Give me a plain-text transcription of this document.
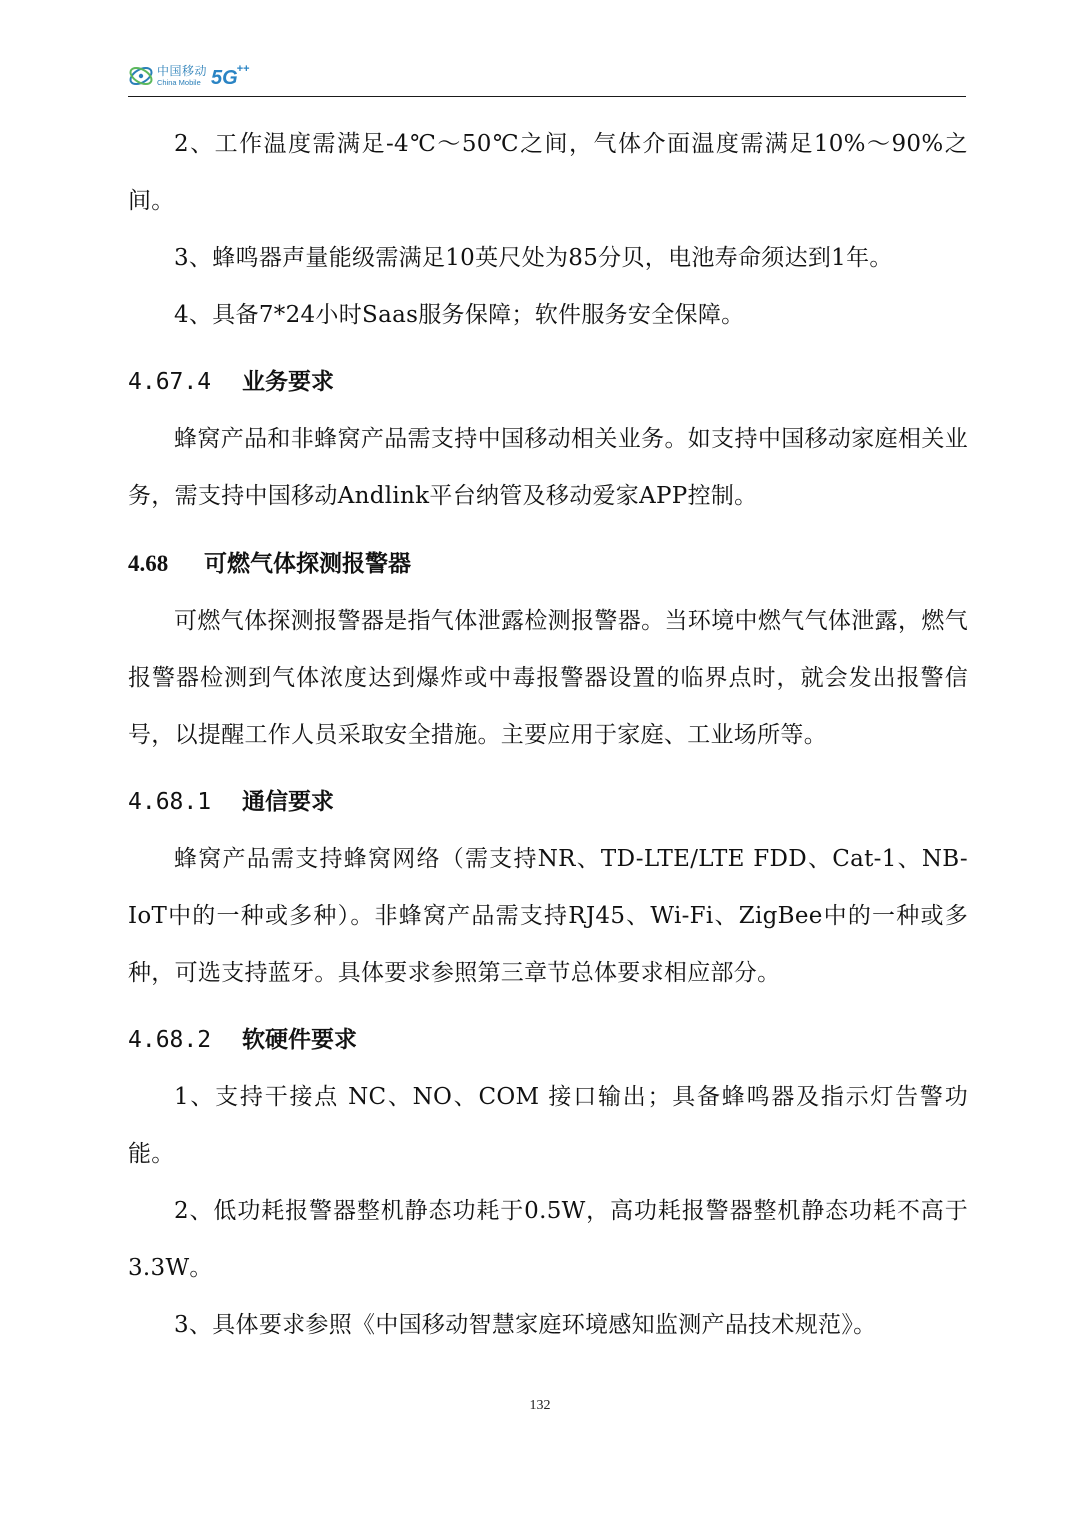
中国移动
China Mobile 5G ++

2、工作温度需满足-4℃～50℃之间，气体介面温度需满足10%～90%之间。

3、蜂鸣器声量能级需满足10英尺处为85分贝，电池寿命须达到1年。

4、具备7*24小时Saas服务保障；软件服务安全保障。

4.67.4	业务要求

蜂窝产品和非蜂窝产品需支持中国移动相关业务。如支持中国移动家庭相关业务，需支持中国移动Andlink平台纳管及移动爱家APP控制。

4.68	可燃气体探测报警器

可燃气体探测报警器是指气体泄露检测报警器。当环境中燃气气体泄露，燃气报警器检测到气体浓度达到爆炸或中毒报警器设置的临界点时，就会发出报警信号，以提醒工作人员采取安全措施。主要应用于家庭、工业场所等。

4.68.1	通信要求

蜂窝产品需支持蜂窝网络（需支持NR、TD-LTE/LTE FDD、Cat-1、NB-IoT中的一种或多种）。非蜂窝产品需支持RJ45、Wi-Fi、ZigBee中的一种或多种，可选支持蓝牙。具体要求参照第三章节总体要求相应部分。

4.68.2	软硬件要求

1、支持干接点 NC、NO、COM 接口输出；具备蜂鸣器及指示灯告警功能。

2、低功耗报警器整机静态功耗于0.5W，高功耗报警器整机静态功耗不高于3.3W。

3、具体要求参照《中国移动智慧家庭环境感知监测产品技术规范》。

132
